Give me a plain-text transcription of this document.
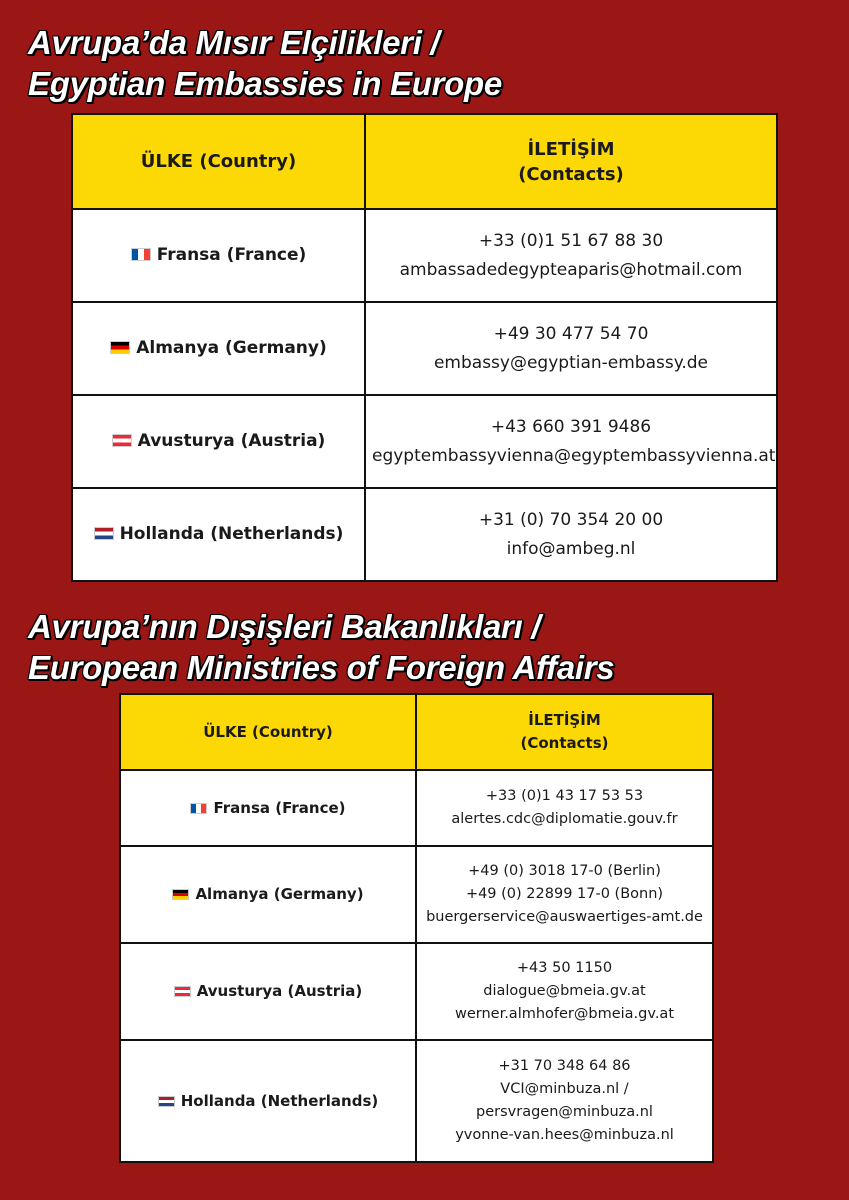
Avrupa’da Mısır Elçilikleri /
Egyptian Embassies in Europe
ÜLKE (Country)	İLETİŞİM
(Contacts)

Fransa (France)	+33 (0)1 51 67 88 30
ambassadedegypteaparis@hotmail.com

Almanya (Germany)	+49 30 477 54 70
embassy@egyptian-embassy.de

Avusturya (Austria)	+43 660 391 9486
egyptembassyvienna@egyptembassyvienna.at

Hollanda (Netherlands)	+31 (0) 70 354 20 00
info@ambeg.nl
Avrupa’nın Dışişleri Bakanlıkları /
European Ministries of Foreign Affairs
ÜLKE (Country)	İLETİŞİM
(Contacts)

Fransa (France)	+33 (0)1 43 17 53 53
alertes.cdc@diplomatie.gouv.fr

Almanya (Germany)	+49 (0) 3018 17-0 (Berlin)
+49 (0) 22899 17-0 (Bonn)
buergerservice@auswaertiges-amt.de

Avusturya (Austria)	+43 50 1150
dialogue@bmeia.gv.at
werner.almhofer@bmeia.gv.at

Hollanda (Netherlands)	+31 70 348 64 86
VCI@minbuza.nl /
persvragen@minbuza.nl
yvonne-van.hees@minbuza.nl
